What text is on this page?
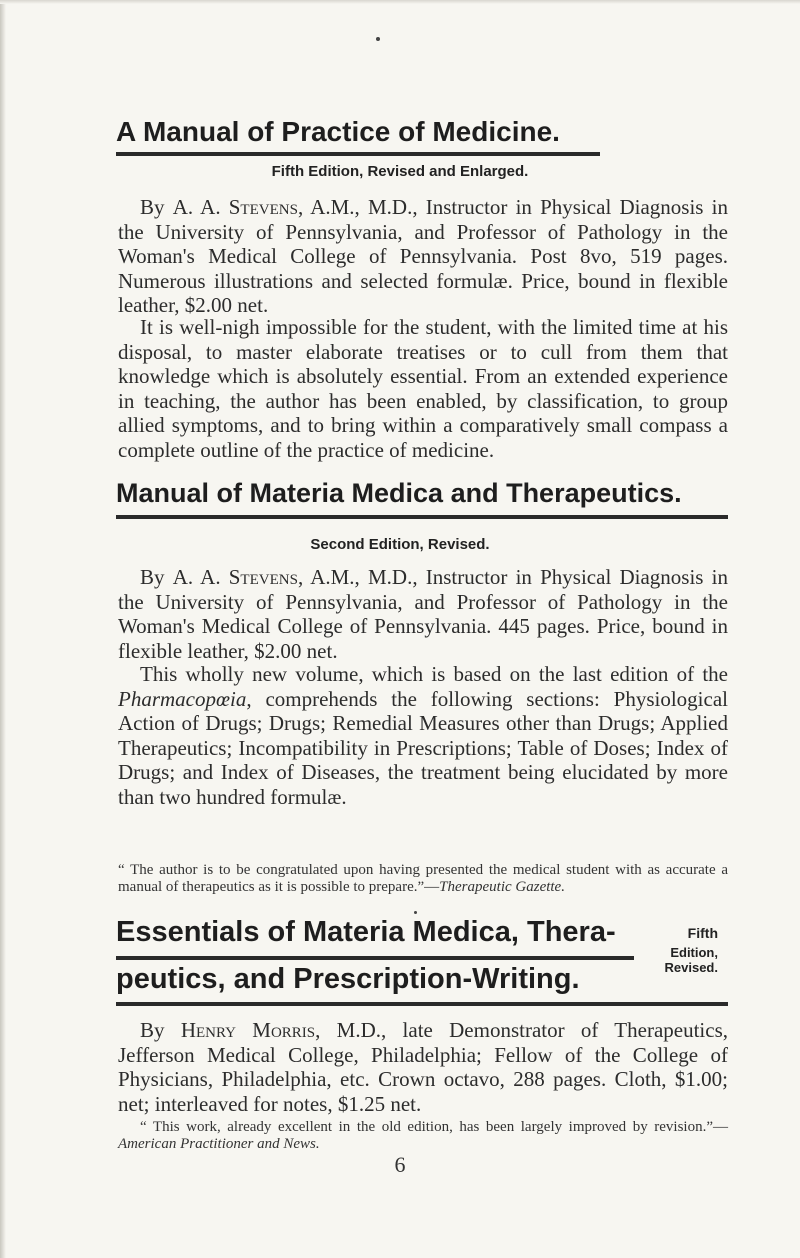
A Manual of Practice of Medicine.
Fifth Edition, Revised and Enlarged.
By A. A. Stevens, A.M., M.D., Instructor in Physical Diagnosis in the University of Pennsylvania, and Professor of Pathology in the Woman's Medical College of Pennsylvania. Post 8vo, 519 pages. Numerous illustrations and selected formulæ. Price, bound in flexible leather, $2.00 net.
It is well-nigh impossible for the student, with the limited time at his disposal, to master elaborate treatises or to cull from them that knowledge which is absolutely essential. From an extended experience in teaching, the author has been enabled, by classification, to group allied symptoms, and to bring within a comparatively small compass a complete outline of the practice of medicine.
Manual of Materia Medica and Therapeutics.
Second Edition, Revised.
By A. A. Stevens, A.M., M.D., Instructor in Physical Diagnosis in the University of Pennsylvania, and Professor of Pathology in the Woman's Medical College of Pennsylvania. 445 pages. Price, bound in flexible leather, $2.00 net.
This wholly new volume, which is based on the last edition of the Pharmacopœia, comprehends the following sections: Physiological Action of Drugs; Drugs; Remedial Measures other than Drugs; Applied Therapeutics; Incompatibility in Prescriptions; Table of Doses; Index of Drugs; and Index of Diseases, the treatment being elucidated by more than two hundred formulæ.
“ The author is to be congratulated upon having presented the medical student with as accurate a manual of therapeutics as it is possible to prepare.”—Therapeutic Gazette.
Essentials of Materia Medica, Thera-
peutics, and Prescription-Writing.
Fifth
Edition,
Revised.
By Henry Morris, M.D., late Demonstrator of Therapeutics, Jefferson Medical College, Philadelphia; Fellow of the College of Physicians, Philadelphia, etc. Crown octavo, 288 pages. Cloth, $1.00; net; interleaved for notes, $1.25 net.
“ This work, already excellent in the old edition, has been largely improved by revision.”—American Practitioner and News.
6
